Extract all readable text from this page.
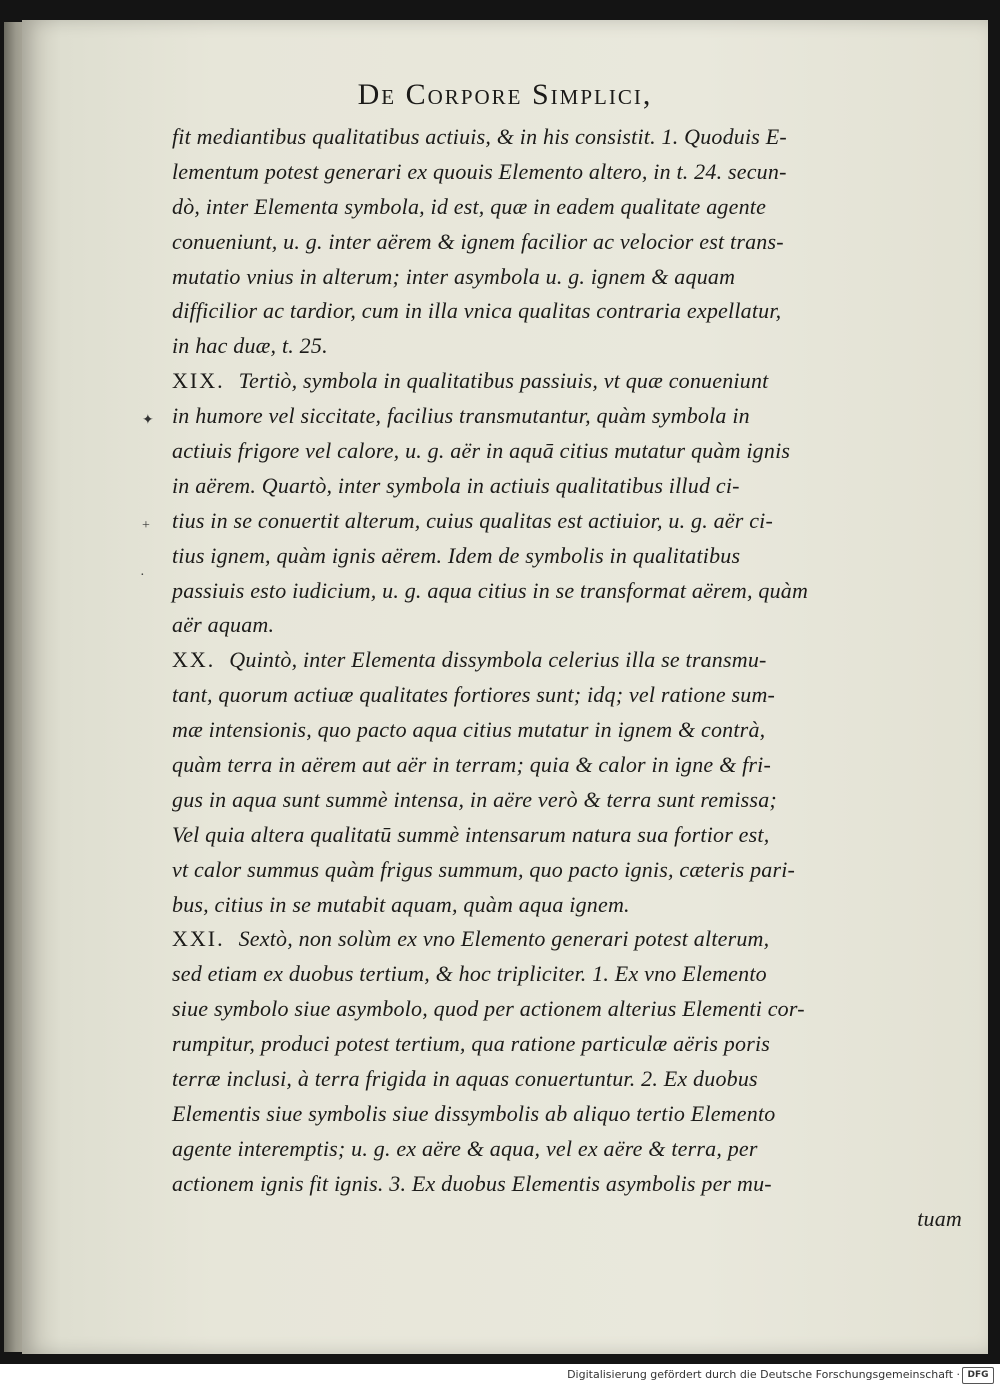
De Corpore Simplici,
fit mediantibus qualitatibus actiuis, & in his consistit. 1. Quoduis E-
lementum potest generari ex quouis Elemento altero, in t. 24. secun-
dò, inter Elementa symbola, id est, quæ in eadem qualitate agente
conueniunt, u. g. inter aërem & ignem facilior ac velocior est trans-
mutatio vnius in alterum; inter asymbola u. g. ignem & aquam
difficilior ac tardior, cum in illa vnica qualitas contraria expellatur,
in hac duæ, t. 25.
XIX. Tertiò, symbola in qualitatibus passiuis, vt quæ conueniunt
in humore vel siccitate, facilius transmutantur, quàm symbola in
actiuis frigore vel calore, u. g. aër in aquā citius mutatur quàm ignis
in aërem. Quartò, inter symbola in actiuis qualitatibus illud ci-
tius in se conuertit alterum, cuius qualitas est actiuior, u. g. aër ci-
tius ignem, quàm ignis aërem. Idem de symbolis in qualitatibus
passiuis esto iudicium, u. g. aqua citius in se transformat aërem, quàm
aër aquam.
XX. Quintò, inter Elementa dissymbola celerius illa se transmu-
tant, quorum actiuæ qualitates fortiores sunt; idq; vel ratione sum-
mæ intensionis, quo pacto aqua citius mutatur in ignem & contrà,
quàm terra in aërem aut aër in terram; quia & calor in igne & fri-
gus in aqua sunt summè intensa, in aëre verò & terra sunt remissa;
Vel quia altera qualitatū summè intensarum natura sua fortior est,
vt calor summus quàm frigus summum, quo pacto ignis, cæteris pari-
bus, citius in se mutabit aquam, quàm aqua ignem.
XXI. Sextò, non solùm ex vno Elemento generari potest alterum,
sed etiam ex duobus tertium, & hoc tripliciter. 1. Ex vno Elemento
siue symbolo siue asymbolo, quod per actionem alterius Elementi cor-
rumpitur, produci potest tertium, qua ratione particulæ aëris poris
terræ inclusi, à terra frigida in aquas conuertuntur. 2. Ex duobus
Elementis siue symbolis siue dissymbolis ab aliquo tertio Elemento
agente interemptis; u. g. ex aëre & aqua, vel ex aëre & terra, per
actionem ignis fit ignis. 3. Ex duobus Elementis asymbolis per mu-
tuam
✦
+
·
Digitalisierung gefördert durch die Deutsche Forschungsgemeinschaft · DFG
